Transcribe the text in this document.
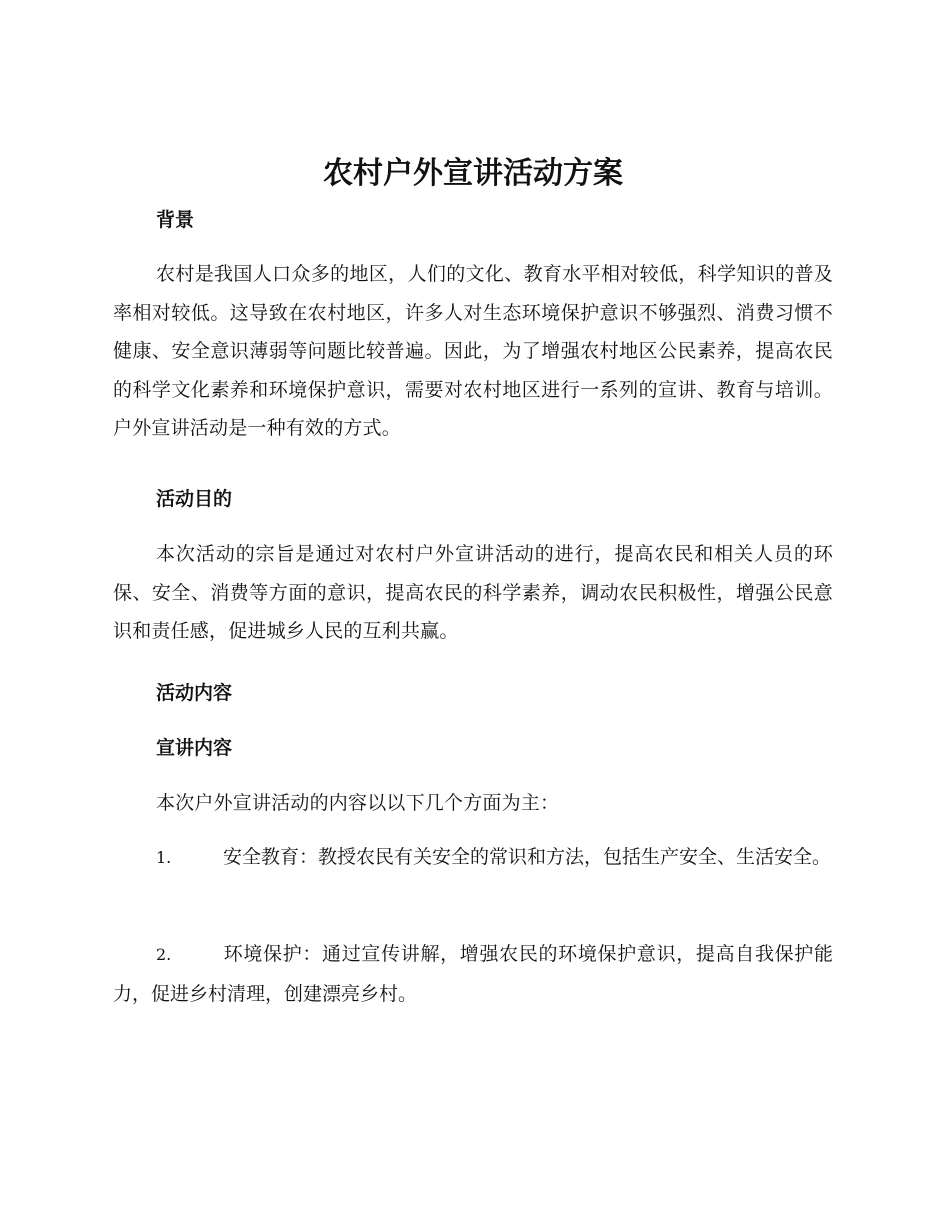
农村户外宣讲活动方案
背景

农村是我国人口众多的地区，人们的文化、教育水平相对较低，科学知识的普及率相对较低。这导致在农村地区，许多人对生态环境保护意识不够强烈、消费习惯不健康、安全意识薄弱等问题比较普遍。因此，为了增强农村地区公民素养，提高农民的科学文化素养和环境保护意识，需要对农村地区进行一系列的宣讲、教育与培训。户外宣讲活动是一种有效的方式。

活动目的

本次活动的宗旨是通过对农村户外宣讲活动的进行，提高农民和相关人员的环保、安全、消费等方面的意识，提高农民的科学素养，调动农民积极性，增强公民意识和责任感，促进城乡人民的互利共赢。

活动内容
宣讲内容

本次户外宣讲活动的内容以以下几个方面为主：

1.	安全教育：教授农民有关安全的常识和方法，包括生产安全、生活安全。

2.	环境保护：通过宣传讲解，增强农民的环境保护意识，提高自我保护能力，促进乡村清理，创建漂亮乡村。
